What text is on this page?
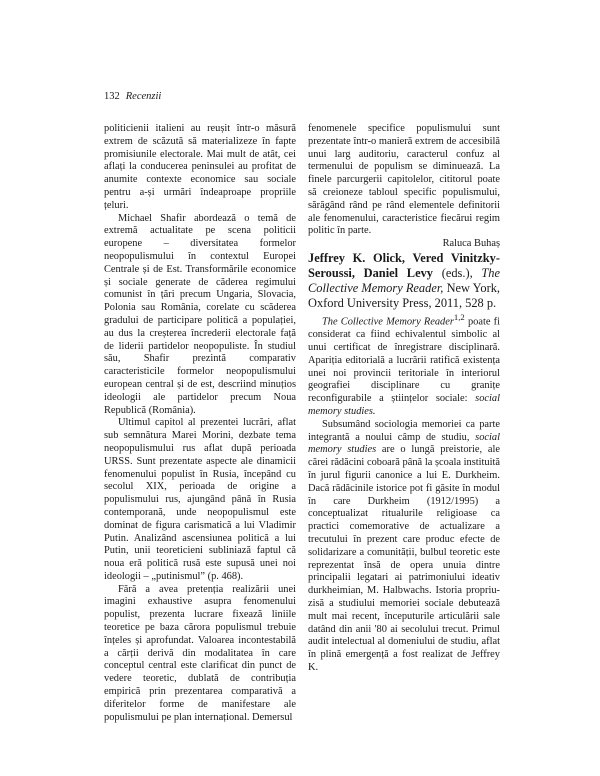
132 Recenzii

politicienii italieni au reușit într-o măsură extrem de scăzută să materializeze în fapte promisiunile electorale. Mai mult de atât, cei aflați la conducerea peninsulei au profitat de anumite contexte economice sau sociale pentru a-și urmări îndeaproape propriile țeluri.

Michael Shafir abordează o temă de extremă actualitate pe scena politicii europene – diversitatea formelor neopopulismului în contextul Europei Centrale și de Est. Transformările economice și sociale generate de căderea regimului comunist în țări precum Ungaria, Slovacia, Polonia sau România, corelate cu scăderea gradului de participare politică a populației, au dus la creșterea încrederii electorale față de liderii partidelor neopopuliste. În studiul său, Shafir prezintă comparativ caracteristicile formelor neopopulismului european central și de est, descriind minuțios ideologii ale partidelor precum Noua Republică (România).

Ultimul capitol al prezentei lucrări, aflat sub semnătura Marei Morini, dezbate tema neopopulismului rus aflat după perioada URSS. Sunt prezentate aspecte ale dinamicii fenomenului populist în Rusia, începând cu secolul XIX, perioada de origine a populismului rus, ajungând până în Rusia contemporană, unde neopopulismul este dominat de figura carismatică a lui Vladimir Putin. Analizând ascensiunea politică a lui Putin, unii teoreticieni subliniază faptul că noua eră politică rusă este supusă unei noi ideologii – „putinismul” (p. 468).

Fără a avea pretenția realizării unei imagini exhaustive asupra fenomenului populist, prezenta lucrare fixează liniile teoretice pe baza cărora populismul trebuie înțeles și aprofundat. Valoarea incontestabilă a cărții derivă din modalitatea în care conceptul central este clarificat din punct de vedere teoretic, dublată de contribuția empirică prin prezentarea comparativă a diferitelor forme de manifestare ale populismului pe plan internațional. Demersul

fenomenele specifice populismului sunt prezentate într-o manieră extrem de accesibilă unui larg auditoriu, caracterul confuz al termenului de populism se diminuează. La finele parcurgerii capitolelor, cititorul poate să creioneze tabloul specific populismului, sărăgând rând pe rând elementele definitorii ale fenomenului, caracteristice fiecărui regim politic în parte.

Raluca Buhaș

Jeffrey K. Olick, Vered Vinitzky-Seroussi, Daniel Levy (eds.), The Collective Memory Reader, New York, Oxford University Press, 2011, 528 p.

The Collective Memory Reader$^{1,2}$ poate fi considerat ca fiind echivalentul simbolic al unui certificat de înregistrare disciplinară. Apariția editorială a lucrării ratifică existența unei noi provincii teritoriale în interiorul geografiei disciplinare cu granițe reconfigurabile a științelor sociale: social memory studies.

Subsumând sociologia memoriei ca parte integrantă a noului câmp de studiu, social memory studies are o lungă preistorie, ale cărei rădăcini coboară până la școala instituită în jurul figurii canonice a lui E. Durkheim. Dacă rădăcinile istorice pot fi găsite în modul în care Durkheim (1912/1995) a conceptualizat ritualurile religioase ca practici comemorative de actualizare a trecutului în prezent care produc efecte de solidarizare a comunității, bulbul teoretic este reprezentat însă de opera unuia dintre principalii legatari ai patrimoniului ideativ durkheimian, M. Halbwachs. Istoria propriu-zisă a studiului memoriei sociale debutează mult mai recent, începuturile articulării sale datând din anii '80 ai secolului trecut. Primul audit intelectual al domeniului de studiu, aflat în plină emergență a fost realizat de Jeffrey K.
